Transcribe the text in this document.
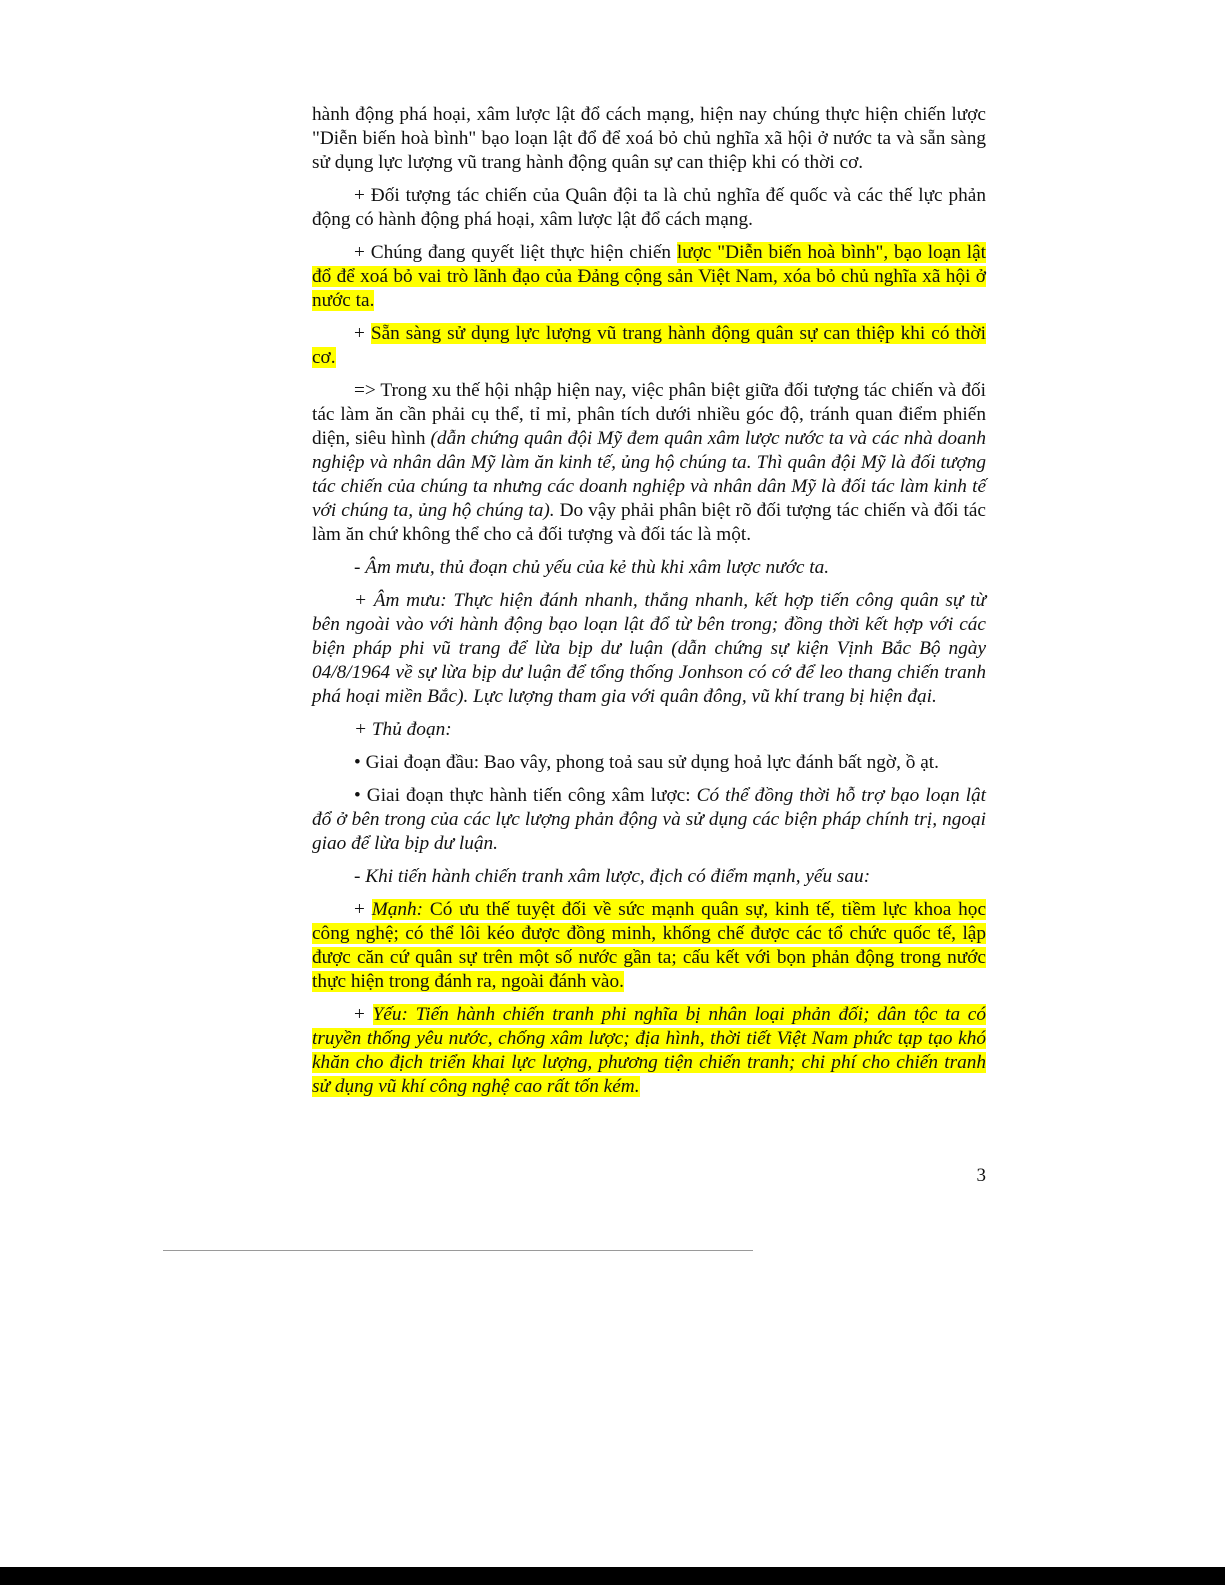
hành động phá hoại, xâm lược lật đổ cách mạng, hiện nay chúng thực hiện chiến lược "Diễn biến hoà bình" bạo loạn lật đổ để xoá bỏ chủ nghĩa xã hội ở nước ta và sẵn sàng sử dụng lực lượng vũ trang hành động quân sự can thiệp khi có thời cơ.

+ Đối tượng tác chiến của Quân đội ta là chủ nghĩa đế quốc và các thế lực phản động có hành động phá hoại, xâm lược lật đổ cách mạng.

+ Chúng đang quyết liệt thực hiện chiến lược "Diễn biến hoà bình", bạo loạn lật đổ để xoá bỏ vai trò lãnh đạo của Đảng cộng sản Việt Nam, xóa bỏ chủ nghĩa xã hội ở nước ta.

+ Sẵn sàng sử dụng lực lượng vũ trang hành động quân sự can thiệp khi có thời cơ.

=> Trong xu thế hội nhập hiện nay, việc phân biệt giữa đối tượng tác chiến và đối tác làm ăn cần phải cụ thể, tỉ mỉ, phân tích dưới nhiều góc độ, tránh quan điểm phiến diện, siêu hình (dẫn chứng quân đội Mỹ đem quân xâm lược nước ta và các nhà doanh nghiệp và nhân dân Mỹ làm ăn kinh tế, ủng hộ chúng ta. Thì quân đội Mỹ là đối tượng tác chiến của chúng ta nhưng các doanh nghiệp và nhân dân Mỹ là đối tác làm kinh tế với chúng ta, ủng hộ chúng ta). Do vậy phải phân biệt rõ đối tượng tác chiến và đối tác làm ăn chứ không thể cho cả đối tượng và đối tác là một.

- Âm mưu, thủ đoạn chủ yếu của kẻ thù khi xâm lược nước ta.

+ Âm mưu: Thực hiện đánh nhanh, thắng nhanh, kết hợp tiến công quân sự từ bên ngoài vào với hành động bạo loạn lật đổ từ bên trong; đồng thời kết hợp với các biện pháp phi vũ trang để lừa bịp dư luận (dẫn chứng sự kiện Vịnh Bắc Bộ ngày 04/8/1964 về sự lừa bịp dư luận để tổng thống Jonhson có cớ để leo thang chiến tranh phá hoại miền Bắc). Lực lượng tham gia với quân đông, vũ khí trang bị hiện đại.

+ Thủ đoạn:

• Giai đoạn đầu: Bao vây, phong toả sau sử dụng hoả lực đánh bất ngờ, ồ ạt.

• Giai đoạn thực hành tiến công xâm lược: Có thể đồng thời hỗ trợ bạo loạn lật đổ ở bên trong của các lực lượng phản động và sử dụng các biện pháp chính trị, ngoại giao để lừa bịp dư luận.

- Khi tiến hành chiến tranh xâm lược, địch có điểm mạnh, yếu sau:

+ Mạnh: Có ưu thế tuyệt đối về sức mạnh quân sự, kinh tế, tiềm lực khoa học công nghệ; có thể lôi kéo được đồng minh, khống chế được các tổ chức quốc tế, lập được căn cứ quân sự trên một số nước gần ta; cấu kết với bọn phản động trong nước thực hiện trong đánh ra, ngoài đánh vào.

+ Yếu: Tiến hành chiến tranh phi nghĩa bị nhân loại phản đối; dân tộc ta có truyền thống yêu nước, chống xâm lược; địa hình, thời tiết Việt Nam phức tạp tạo khó khăn cho địch triển khai lực lượng, phương tiện chiến tranh; chi phí cho chiến tranh sử dụng vũ khí công nghệ cao rất tốn kém.

3
